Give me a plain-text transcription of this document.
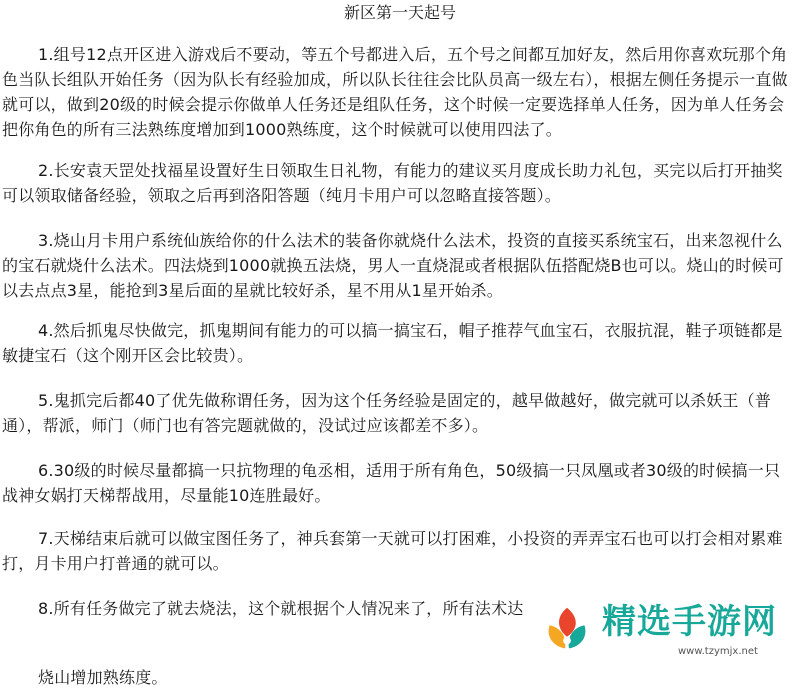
新区第一天起号

1.组号12点开区进入游戏后不要动，等五个号都进入后，五个号之间都互加好友，然后用你喜欢玩那个角色当队长组队开始任务（因为队长有经验加成，所以队长往往会比队员高一级左右），根据左侧任务提示一直做就可以，做到20级的时候会提示你做单人任务还是组队任务，这个时候一定要选择单人任务，因为单人任务会把你角色的所有三法熟练度增加到1000熟练度，这个时候就可以使用四法了。

2.长安袁天罡处找福星设置好生日领取生日礼物，有能力的建议买月度成长助力礼包，买完以后打开抽奖可以领取储备经验，领取之后再到洛阳答题（纯月卡用户可以忽略直接答题）。

3.烧山月卡用户系统仙族给你的什么法术的装备你就烧什么法术，投资的直接买系统宝石，出来忽视什么的宝石就烧什么法术。四法烧到1000就换五法烧，男人一直烧混或者根据队伍搭配烧B也可以。烧山的时候可以去点点3星，能抢到3星后面的星就比较好杀，星不用从1星开始杀。

4.然后抓鬼尽快做完，抓鬼期间有能力的可以搞一搞宝石，帽子推荐气血宝石，衣服抗混，鞋子项链都是敏捷宝石（这个刚开区会比较贵）。

5.鬼抓完后都40了优先做称谓任务，因为这个任务经验是固定的，越早做越好，做完就可以杀妖王（普通），帮派，师门（师门也有答完题就做的，没试过应该都差不多）。

6.30级的时候尽量都搞一只抗物理的龟丞相，适用于所有角色，50级搞一只凤凰或者30级的时候搞一只战神女娲打天梯帮战用，尽量能10连胜最好。

7.天梯结束后就可以做宝图任务了，神兵套第一天就可以打困难，小投资的弄弄宝石也可以打会相对累难打，月卡用户打普通的就可以。

8.所有任务做完了就去烧法，这个就根据个人情况来了，所有法术达

烧山增加熟练度。

精选手游网
www.tzymjx.net
